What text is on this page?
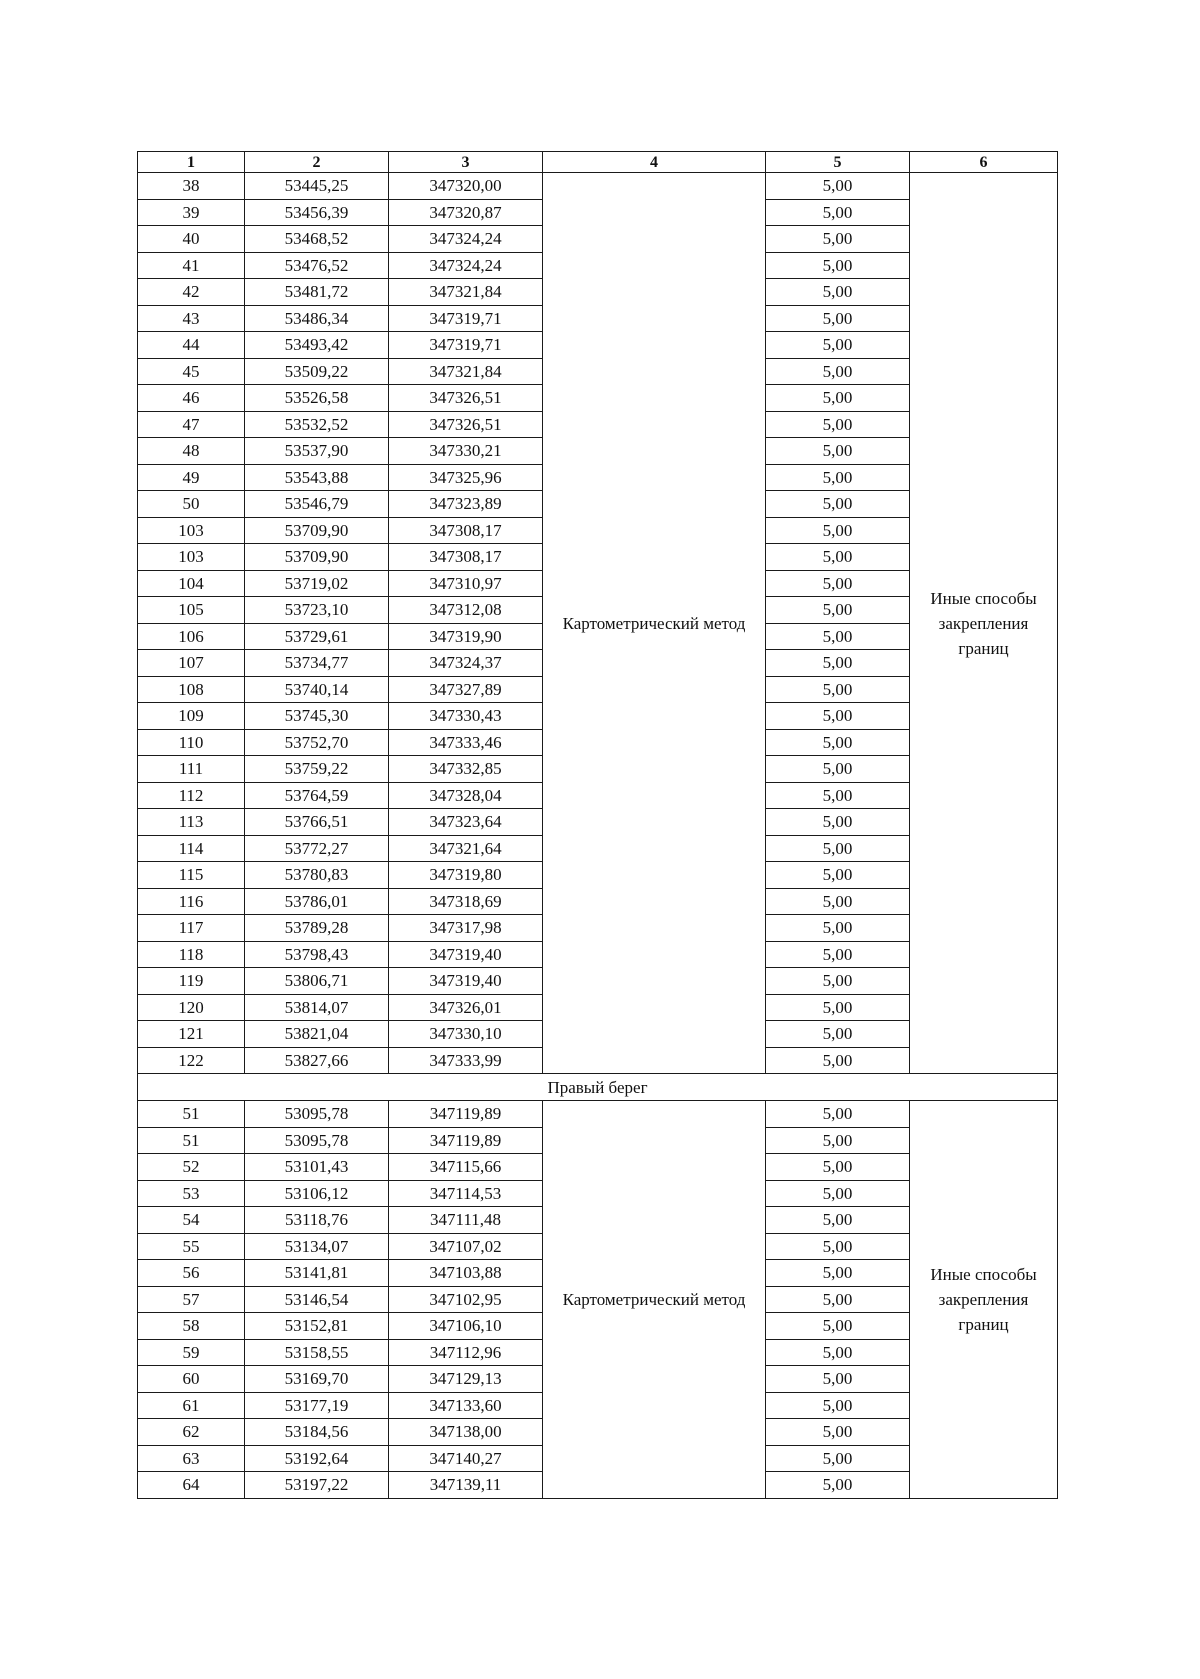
1	2	3	4	5	6
38	53445,25	347320,00	Картометрический метод	5,00	Иные способы закрепления границ
39	53456,39	347320,87		5,00	
40	53468,52	347324,24		5,00	
41	53476,52	347324,24		5,00	
42	53481,72	347321,84		5,00	
43	53486,34	347319,71		5,00	
44	53493,42	347319,71		5,00	
45	53509,22	347321,84		5,00	
46	53526,58	347326,51		5,00	
47	53532,52	347326,51		5,00	
48	53537,90	347330,21		5,00	
49	53543,88	347325,96		5,00	
50	53546,79	347323,89		5,00	
103	53709,90	347308,17		5,00	
103	53709,90	347308,17		5,00	
104	53719,02	347310,97		5,00	
105	53723,10	347312,08		5,00	
106	53729,61	347319,90		5,00	
107	53734,77	347324,37		5,00	
108	53740,14	347327,89		5,00	
109	53745,30	347330,43		5,00	
110	53752,70	347333,46		5,00	
111	53759,22	347332,85		5,00	
112	53764,59	347328,04		5,00	
113	53766,51	347323,64		5,00	
114	53772,27	347321,64		5,00	
115	53780,83	347319,80		5,00	
116	53786,01	347318,69		5,00	
117	53789,28	347317,98		5,00	
118	53798,43	347319,40		5,00	
119	53806,71	347319,40		5,00	
120	53814,07	347326,01		5,00	
121	53821,04	347330,10		5,00	
122	53827,66	347333,99		5,00	
Правый берег					
51	53095,78	347119,89	Картометрический метод	5,00	Иные способы закрепления границ
51	53095,78	347119,89		5,00	
52	53101,43	347115,66		5,00	
53	53106,12	347114,53		5,00	
54	53118,76	347111,48		5,00	
55	53134,07	347107,02		5,00	
56	53141,81	347103,88		5,00	
57	53146,54	347102,95		5,00	
58	53152,81	347106,10		5,00	
59	53158,55	347112,96		5,00	
60	53169,70	347129,13		5,00	
61	53177,19	347133,60		5,00	
62	53184,56	347138,00		5,00	
63	53192,64	347140,27		5,00	
64	53197,22	347139,11		5,00	
